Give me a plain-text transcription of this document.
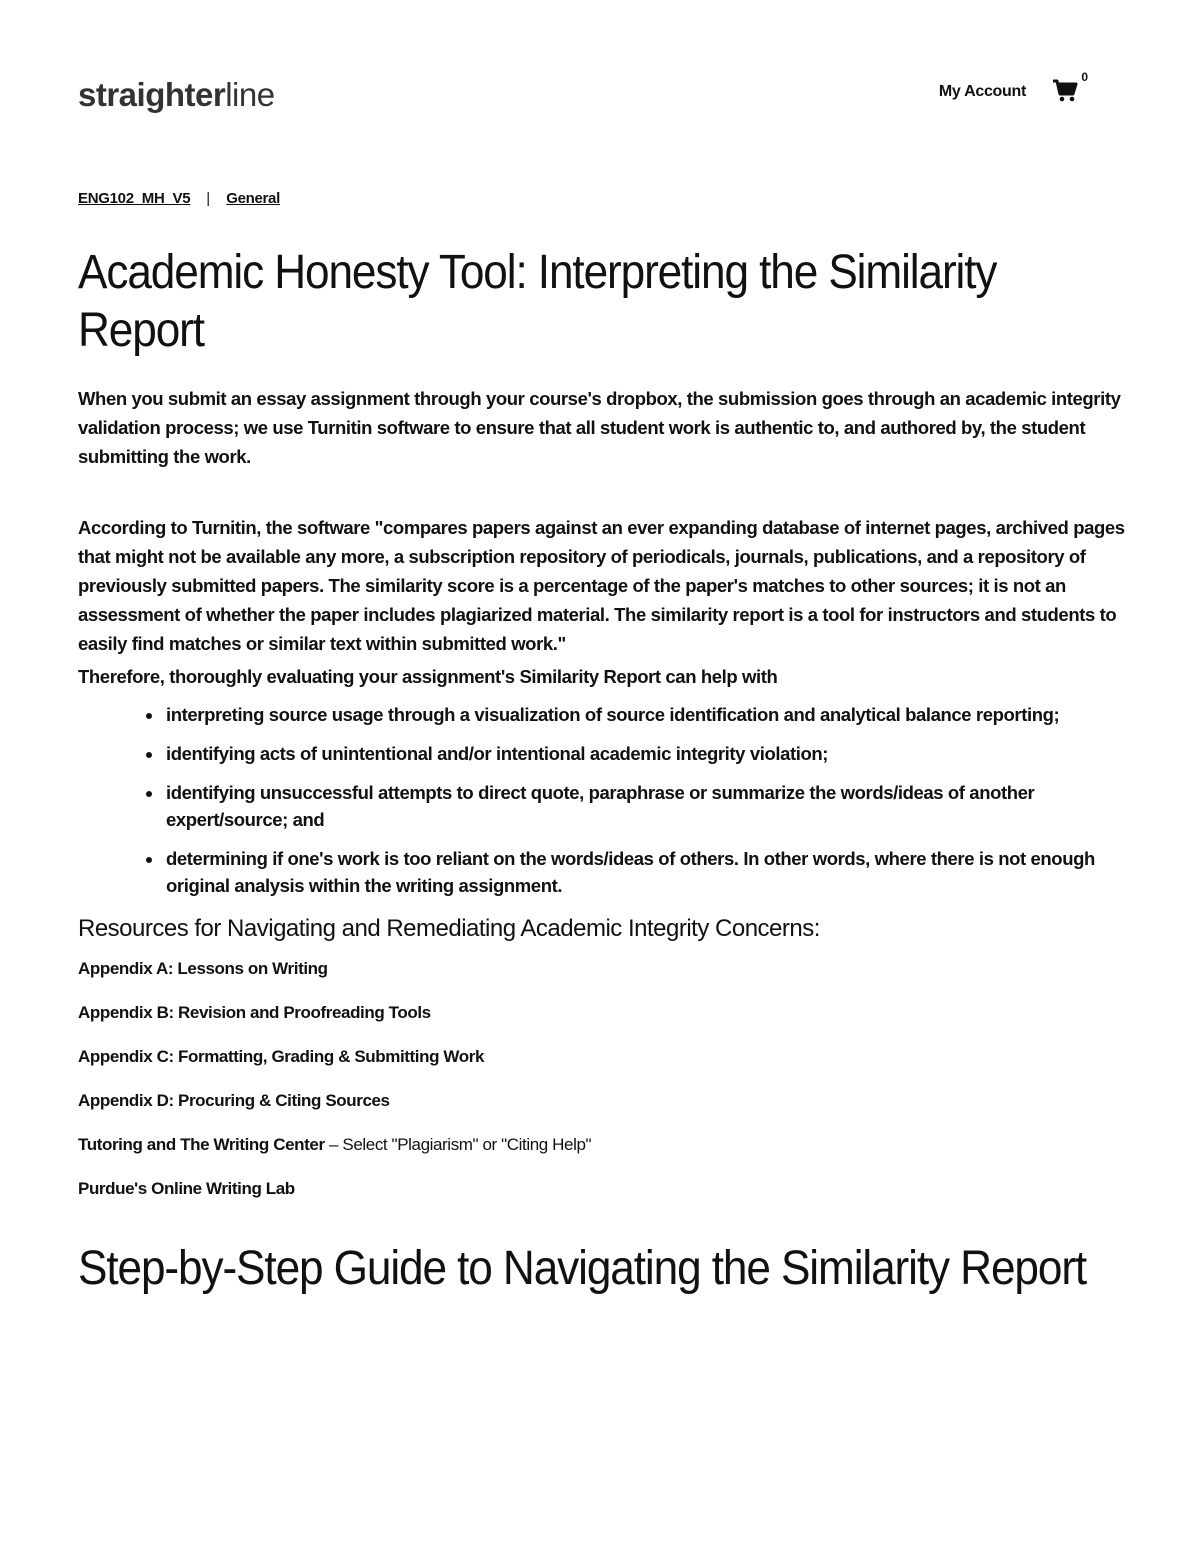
straighterline	My Account
0
ENG102_MH_V5 | General
Academic Honesty Tool: Interpreting the Similarity Report

When you submit an essay assignment through your course's dropbox, the submission goes through an academic integrity validation process; we use Turnitin software to ensure that all student work is authentic to, and authored by, the student submitting the work.

According to Turnitin, the software "compares papers against an ever expanding database of internet pages, archived pages that might not be available any more, a subscription repository of periodicals, journals, publications, and a repository of previously submitted papers. The similarity score is a percentage of the paper's matches to other sources; it is not an assessment of whether the paper includes plagiarized material. The similarity report is a tool for instructors and students to easily find matches or similar text within submitted work."

Therefore, thoroughly evaluating your assignment's Similarity Report can help with

• interpreting source usage through a visualization of source identification and analytical balance reporting;
• identifying acts of unintentional and/or intentional academic integrity violation;
• identifying unsuccessful attempts to direct quote, paraphrase or summarize the words/ideas of another expert/source; and
• determining if one's work is too reliant on the words/ideas of others. In other words, where there is not enough original analysis within the writing assignment.
Resources for Navigating and Remediating Academic Integrity Concerns:
Appendix A: Lessons on Writing
Appendix B: Revision and Proofreading Tools
Appendix C: Formatting, Grading & Submitting Work
Appendix D: Procuring & Citing Sources
Tutoring and The Writing Center – Select "Plagiarism" or "Citing Help"
Purdue's Online Writing Lab
Step-by-Step Guide to Navigating the Similarity Report
